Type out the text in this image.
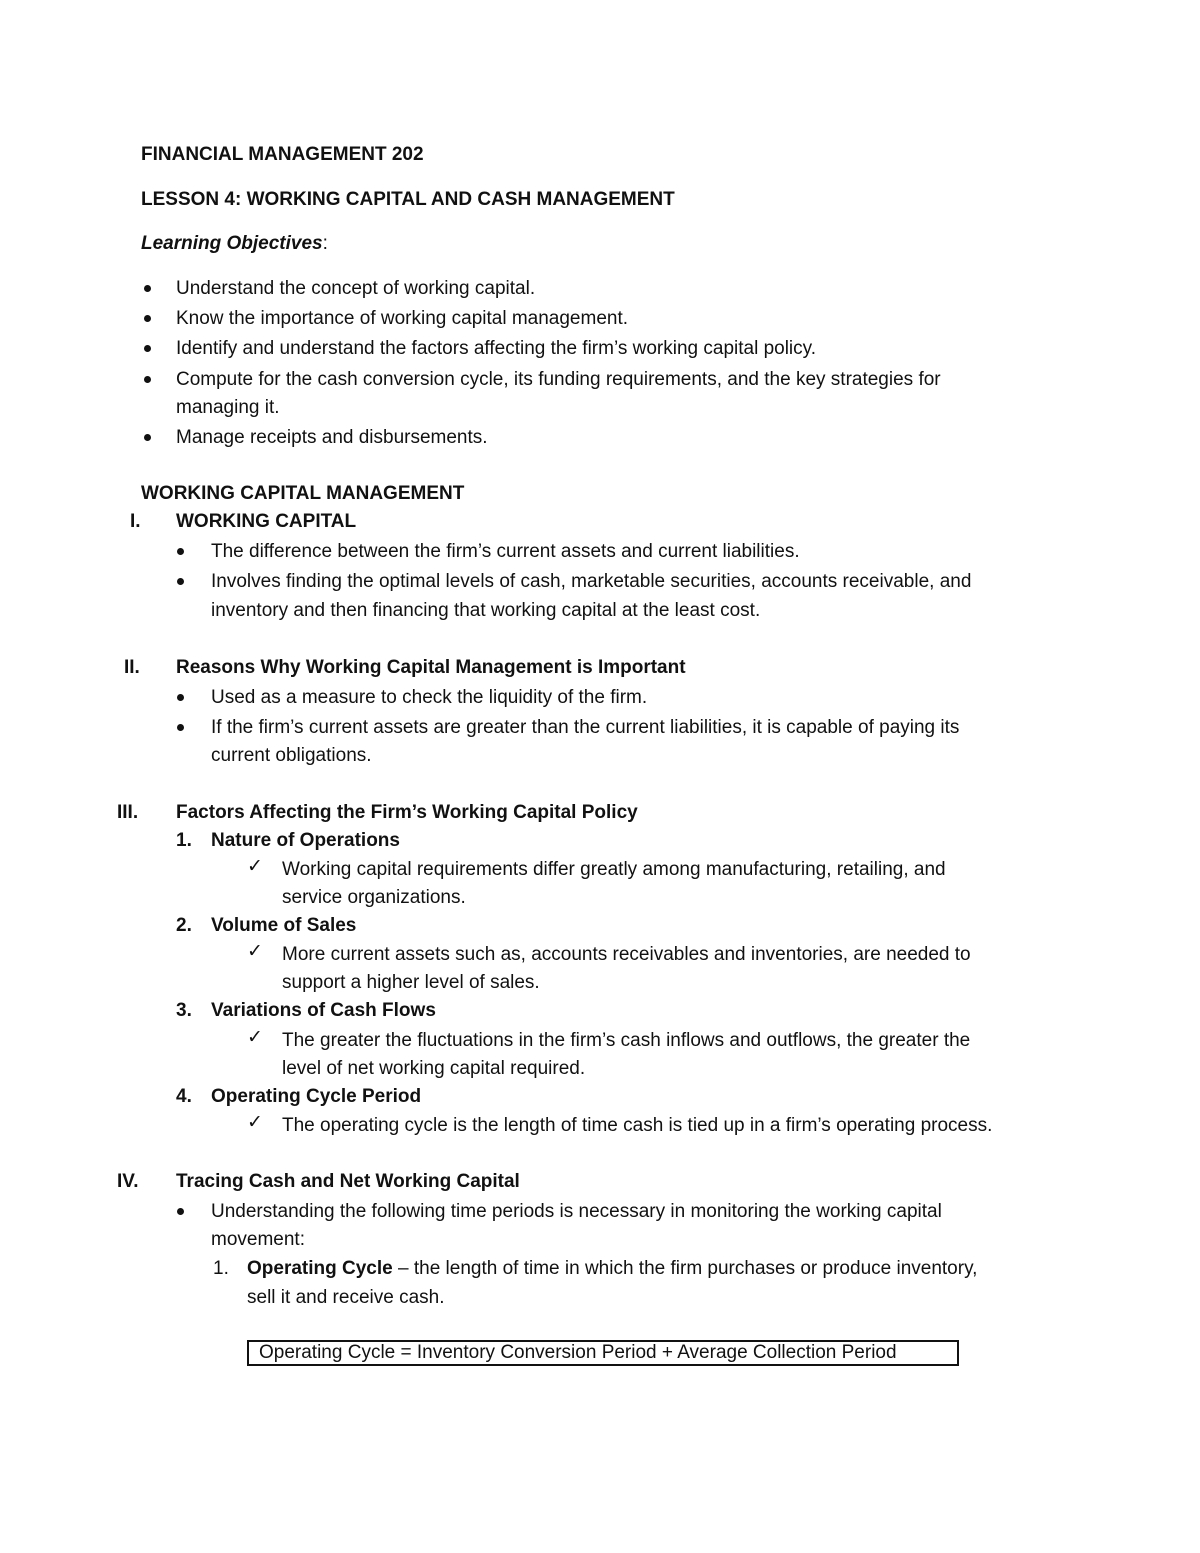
FINANCIAL MANAGEMENT 202
LESSON 4: WORKING CAPITAL AND CASH MANAGEMENT
Learning Objectives:
Understand the concept of working capital.
Know the importance of working capital management.
Identify and understand the factors affecting the firm’s working capital policy.
Compute for the cash conversion cycle, its funding requirements, and the key strategies for
managing it.
Manage receipts and disbursements.
WORKING CAPITAL MANAGEMENT
I. WORKING CAPITAL
The difference between the firm’s current assets and current liabilities.
Involves finding the optimal levels of cash, marketable securities, accounts receivable, and
inventory and then financing that working capital at the least cost.
II. Reasons Why Working Capital Management is Important
Used as a measure to check the liquidity of the firm.
If the firm’s current assets are greater than the current liabilities, it is capable of paying its
current obligations.
III. Factors Affecting the Firm’s Working Capital Policy
1. Nature of Operations
✓ Working capital requirements differ greatly among manufacturing, retailing, and
service organizations.
2. Volume of Sales
✓ More current assets such as, accounts receivables and inventories, are needed to
support a higher level of sales.
3. Variations of Cash Flows
✓ The greater the fluctuations in the firm’s cash inflows and outflows, the greater the
level of net working capital required.
4. Operating Cycle Period
✓ The operating cycle is the length of time cash is tied up in a firm’s operating process.
IV. Tracing Cash and Net Working Capital
Understanding the following time periods is necessary in monitoring the working capital
movement:
1. Operating Cycle – the length of time in which the firm purchases or produce inventory,
sell it and receive cash.
Operating Cycle = Inventory Conversion Period + Average Collection Period
